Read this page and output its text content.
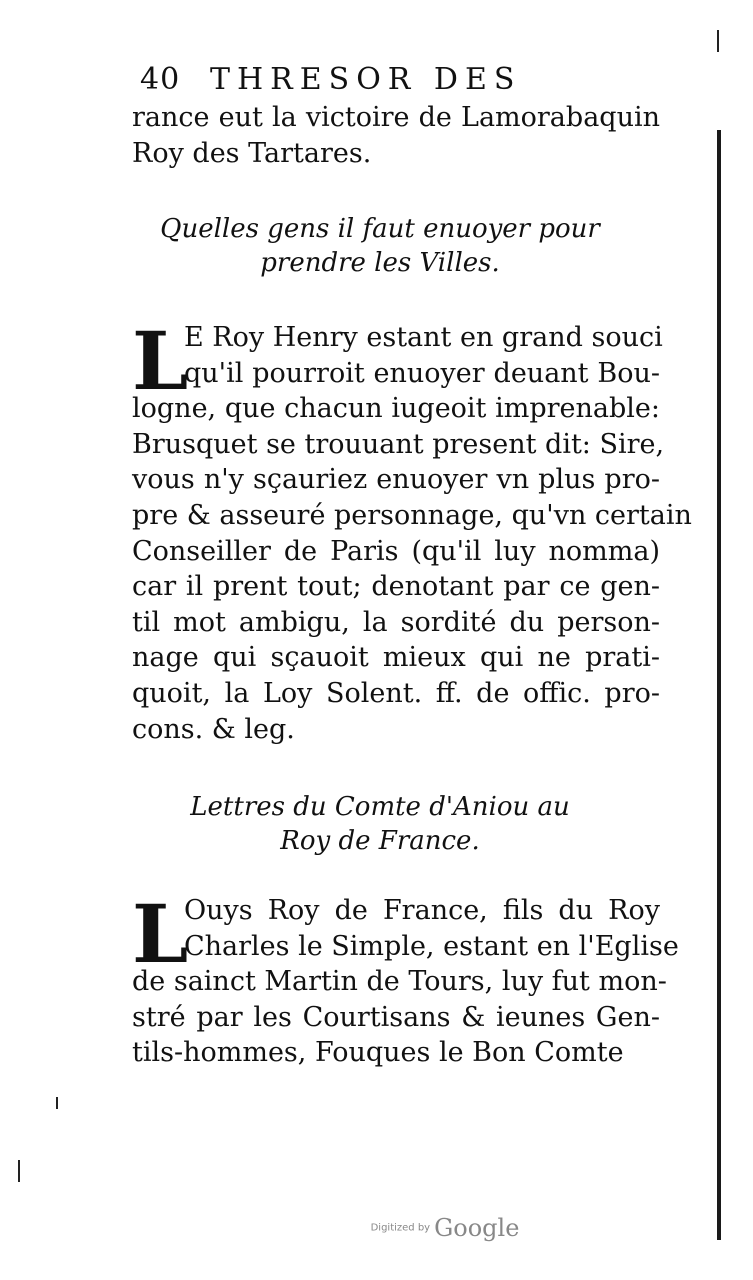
40 THRESOR DES
rance eut la victoire de Lamorabaquin
Roy des Tartares.
Quelles gens il faut enuoyer pour
prendre les Villes.
L
E Roy Henry estant en grand souci
qu'il pourroit enuoyer deuant Bou-
logne, que chacun iugeoit imprenable:
Brusquet se trouuant present dit: Sire,
vous n'y sçauriez enuoyer vn plus pro-
pre & asseuré personnage, qu'vn certain
Conseiller de Paris (qu'il luy nomma)
car il prent tout; denotant par ce gen-
til mot ambigu, la sordité du person-
nage qui sçauoit mieux qui ne prati-
quoit, la Loy Solent. ff. de offic. pro-
cons. & leg.
Lettres du Comte d'Aniou au
Roy de France.
L
Ouys Roy de France, fils du Roy
Charles le Simple, estant en l'Eglise
de sainct Martin de Tours, luy fut mon-
stré par les Courtisans & ieunes Gen-
tils-hommes, Fouques le Bon Comte
Digitized by Google
